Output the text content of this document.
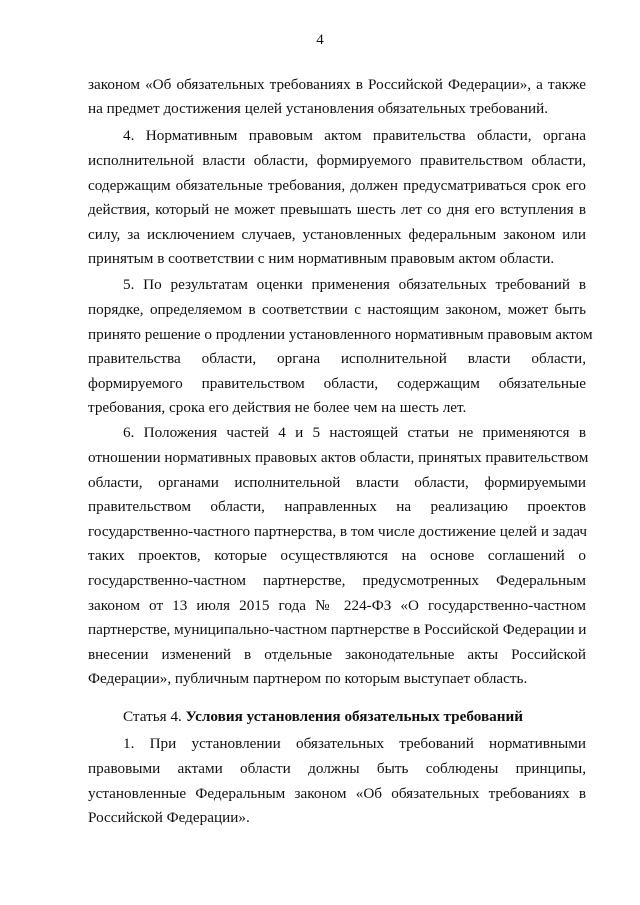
4
законом «Об обязательных требованиях в Российской Федерации», а также
на предмет достижения целей установления обязательных требований.
4. Нормативным правовым актом правительства области, органа
исполнительной власти области, формируемого правительством области,
содержащим обязательные требования, должен предусматриваться срок его
действия, который не может превышать шесть лет со дня его вступления в
силу, за исключением случаев, установленных федеральным законом или
принятым в соответствии с ним нормативным правовым актом области.
5. По результатам оценки применения обязательных требований в
порядке, определяемом в соответствии с настоящим законом, может быть
принято решение о продлении установленного нормативным правовым актом
правительства области, органа исполнительной власти области,
формируемого правительством области, содержащим обязательные
требования, срока его действия не более чем на шесть лет.
6. Положения частей 4 и 5 настоящей статьи не применяются в
отношении нормативных правовых актов области, принятых правительством
области, органами исполнительной власти области, формируемыми
правительством области, направленных на реализацию проектов
государственно-частного партнерства, в том числе достижение целей и задач
таких проектов, которые осуществляются на основе соглашений о
государственно-частном партнерстве, предусмотренных Федеральным
законом от 13 июля 2015 года № 224-ФЗ «О государственно-частном
партнерстве, муниципально-частном партнерстве в Российской Федерации и
внесении изменений в отдельные законодательные акты Российской
Федерации», публичным партнером по которым выступает область.
Статья 4. Условия установления обязательных требований
1. При установлении обязательных требований нормативными
правовыми актами области должны быть соблюдены принципы,
установленные Федеральным законом «Об обязательных требованиях в
Российской Федерации».
